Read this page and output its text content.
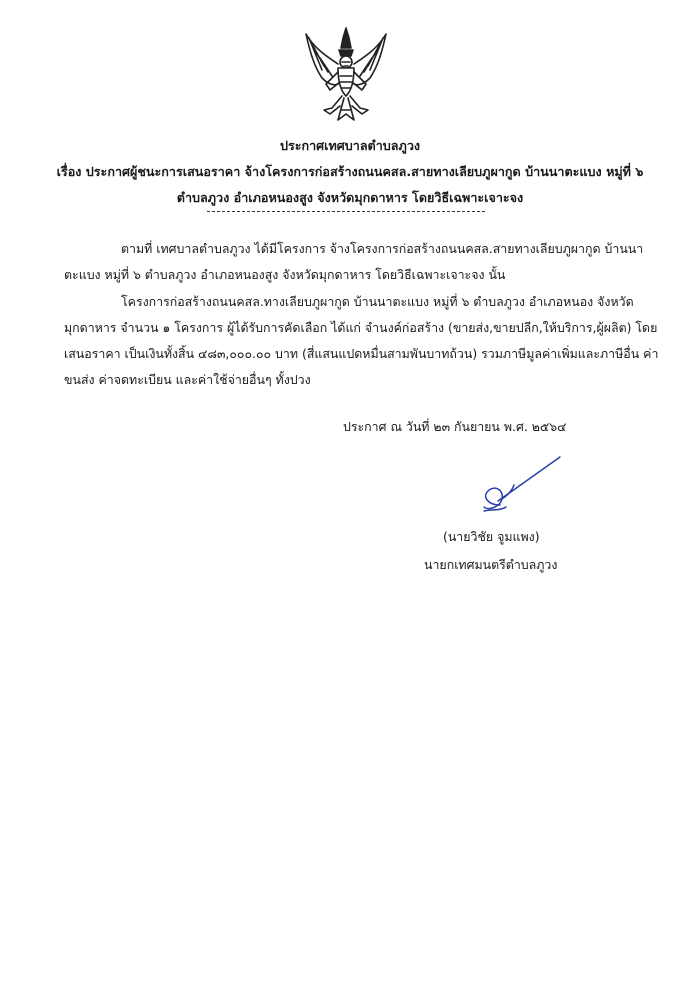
ประกาศเทศบาลตำบลภูวง
เรื่อง ประกาศผู้ชนะการเสนอราคา จ้างโครงการก่อสร้างถนนคสล.สายทางเลียบภูผากูด บ้านนาตะแบง หมู่ที่ ๖
ตำบลภูวง อำเภอหนองสูง จังหวัดมุกดาหาร โดยวิธีเฉพาะเจาะจง
ตามที่ เทศบาลตำบลภูวง ได้มีโครงการ จ้างโครงการก่อสร้างถนนคสล.สายทางเลียบภูผากูด บ้านนา
ตะแบง หมู่ที่ ๖ ตำบลภูวง อำเภอหนองสูง จังหวัดมุกดาหาร โดยวิธีเฉพาะเจาะจง นั้น
โครงการก่อสร้างถนนคสล.ทางเลียบภูผากูด บ้านนาตะแบง หมู่ที่ ๖ ตำบลภูวง อำเภอหนอง จังหวัด
มุกดาหาร จำนวน ๑ โครงการ ผู้ได้รับการคัดเลือก ได้แก่ จำนงค์ก่อสร้าง (ขายส่ง,ขายปลีก,ให้บริการ,ผู้ผลิต) โดย
เสนอราคา เป็นเงินทั้งสิ้น ๔๘๓,๐๐๐.๐๐ บาท (สี่แสนแปดหมื่นสามพันบาทถ้วน) รวมภาษีมูลค่าเพิ่มและภาษีอื่น ค่า
ขนส่ง ค่าจดทะเบียน และค่าใช้จ่ายอื่นๆ ทั้งปวง
ประกาศ ณ วันที่ ๒๓ กันยายน พ.ศ. ๒๕๖๔
(นายวิชัย จูมแพง)
นายกเทศมนตรีตำบลภูวง
